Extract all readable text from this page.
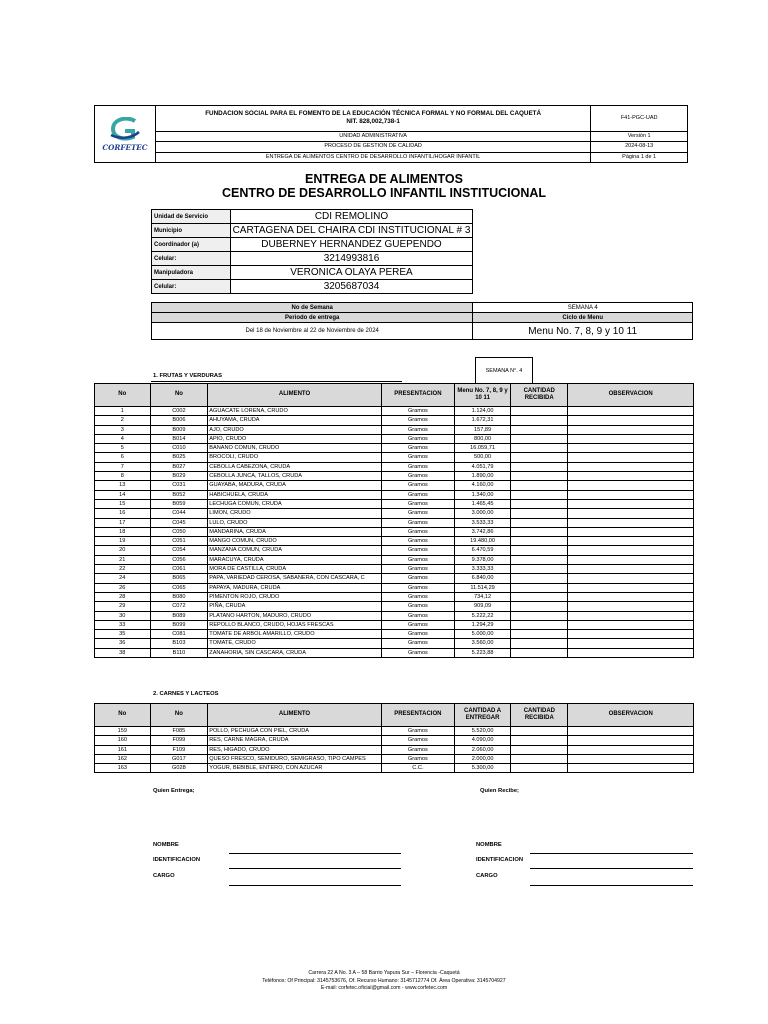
CORFETEC	FUNDACION SOCIAL PARA EL FOMENTO DE LA EDUCACIÓN TÉCNICA FORMAL Y NO FORMAL DEL CAQUETÁ
NIT. 828,002,738-1	F41-PGC-UAD
	UNIDAD ADMINISTRATIVA	Versión 1
	PROCESO DE GESTION DE CALIDAD	2024-08-13
	ENTREGA DE ALIMENTOS CENTRO DE DESARROLLO INFANTIL/HOGAR INFANTIL	Página 1 de 1
ENTREGA DE ALIMENTOS
CENTRO DE DESARROLLO INFANTIL INSTITUCIONAL
Unidad de Servicio	CDI REMOLINO
Municipio	CARTAGENA DEL CHAIRA CDI INSTITUCIONAL # 3
Coordinador (a)	DUBERNEY HERNANDEZ GUEPENDO
Celular:	3214993816
Manipuladora	VERONICA OLAYA PEREA
Celular:	3205687034
No de Semana	SEMANA 4
Periodo de entrega	Ciclo de Menu
Del 18 de Noviembre al 22 de Noviembre de 2024	Menu No. 7, 8, 9 y 10 11
SEMANA N°. 4
1. FRUTAS Y VERDURAS
No	No	ALIMENTO	PRESENTACION	Menu No. 7, 8, 9 y 10 11	CANTIDAD RECIBIDA	OBSERVACION
1	C002	AGUACATE LORENA, CRUDO	Gramos	1.124,00		
2	B006	AHUYAMA, CRUDA	Gramos	1.672,31		
3	B009	AJO, CRUDO	Gramos	157,89		
4	B014	APIO, CRUDO	Gramos	800,00		
5	C010	BANANO COMUN, CRUDO	Gramos	16.059,71		
6	B025	BROCOLI, CRUDO	Gramos	500,00		
7	B027	CEBOLLA CABEZONA, CRUDA	Gramos	4.051,79		
8	B029	CEBOLLA JUNCA, TALLOS, CRUDA	Gramos	1.890,00		
13	C031	GUAYABA, MADURA, CRUDA	Gramos	4.160,00		
14	B052	HABICHUELA, CRUDA	Gramos	1.340,00		
15	B059	LECHUGA COMUN, CRUDA	Gramos	1.465,45		
16	C044	LIMON, CRUDO	Gramos	3.000,00		
17	C045	LULO, CRUDO	Gramos	3.533,33		
18	C050	MANDARINA, CRUDA	Gramos	3.742,86		
19	C051	MANGO COMUN, CRUDO	Gramos	19.480,00		
20	C054	MANZANA COMUN, CRUDA	Gramos	6.470,59		
21	C056	MARACUYA, CRUDA	Gramos	9.378,00		
22	C061	MORA DE CASTILLA, CRUDA	Gramos	3.333,33		
24	B065	PAPA, VARIEDAD CEROSA, SABANERA, CON CASCARA, C	Gramos	6.840,00		
26	C065	PAPAYA, MADURA, CRUDA	Gramos	11.514,29		
28	B080	PIMENTON ROJO, CRUDO	Gramos	734,12		
29	C072	PIÑA, CRUDA	Gramos	909,09		
30	B089	PLATANO HARTON, MADURO, CRUDO	Gramos	5.222,22		
33	B099	REPOLLO BLANCO, CRUDO, HOJAS FRESCAS	Gramos	1.294,29		
35	C081	TOMATE DE ARBOL AMARILLO, CRUDO	Gramos	5.000,00		
36	B103	TOMATE, CRUDO	Gramos	3.560,00		
38	B110	ZANAHORIA, SIN CASCARA, CRUDA	Gramos	5.223,88		
2. CARNES Y LACTEOS
No	No	ALIMENTO	PRESENTACION	CANTIDAD A ENTREGAR	CANTIDAD RECIBIDA	OBSERVACION
159	F085	POLLO, PECHUGA CON PIEL, CRUDA	Gramos	5.520,00		
160	F099	RES, CARNE MAGRA, CRUDA	Gramos	4.090,00		
161	F109	RES, HIGADO, CRUDO	Gramos	2.060,00		
162	G017	QUESO FRESCO, SEMIDURO, SEMIGRASO, TIPO CAMPES	Gramos	2.000,00		
163	G028	YOGUR, BEBIBLE, ENTERO, CON AZUCAR	C.C.	5.300,00		
Quien Entrega;	Quien Recibe;
NOMBRE
IDENTIFICACION
CARGO
NOMBRE
IDENTIFICACION
CARGO
Carrera 22 A No. 3 A – 58 Barrio Yapura Sur – Florencia -Caquetá
Teléfonos: Of Principal: 3145753676, Of. Recurso Humano: 3145712774 Of. Área Operativa: 3145704927
E-mail: corfetec.oficial@gmail.com - www.corfetec.com
